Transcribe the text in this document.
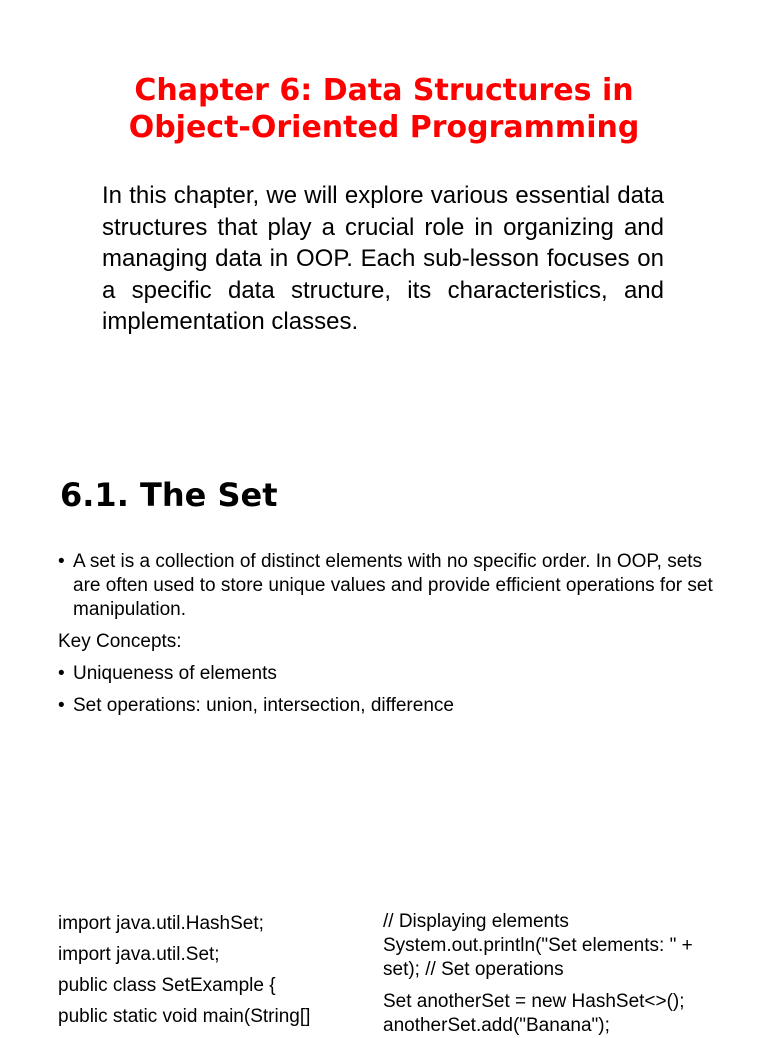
Chapter 6: Data Structures in Object-Oriented Programming

In this chapter, we will explore various essential data structures that play a crucial role in organizing and managing data in OOP. Each sub-lesson focuses on a specific data structure, its characteristics, and implementation classes.

6.1. The Set

• A set is a collection of distinct elements with no specific order. In OOP, sets are often used to store unique values and provide efficient operations for set manipulation.

Key Concepts:

• Uniqueness of elements

• Set operations: union, intersection, difference

import java.util.HashSet;
import java.util.Set;
public class SetExample {
public static void main(String[]
// Displaying elements
System.out.println("Set elements: " + set); // Set operations
Set anotherSet = new HashSet<>();
anotherSet.add("Banana");
